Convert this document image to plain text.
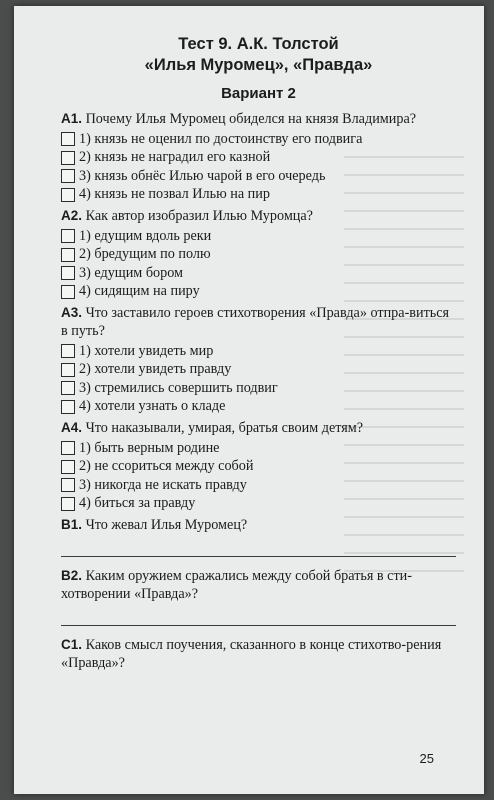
Тест 9. А.К. Толстой
«Илья Муромец», «Правда»
Вариант 2
А1. Почему Илья Муромец обиделся на князя Владимира?
1) князь не оценил по достоинству его подвига
2) князь не наградил его казной
3) князь обнёс Илью чарой в его очередь
4) князь не позвал Илью на пир
А2. Как автор изобразил Илью Муромца?
1) едущим вдоль реки
2) бредущим по полю
3) едущим бором
4) сидящим на пиру
А3. Что заставило героев стихотворения «Правда» отпра-виться в путь?
1) хотели увидеть мир
2) хотели увидеть правду
3) стремились совершить подвиг
4) хотели узнать о кладе
А4. Что наказывали, умирая, братья своим детям?
1) быть верным родине
2) не ссориться между собой
3) никогда не искать правду
4) биться за правду
В1. Что жевал Илья Муромец?
В2. Каким оружием сражались между собой братья в сти-хотворении «Правда»?
С1. Каков смысл поучения, сказанного в конце стихотво-рения «Правда»?
25
